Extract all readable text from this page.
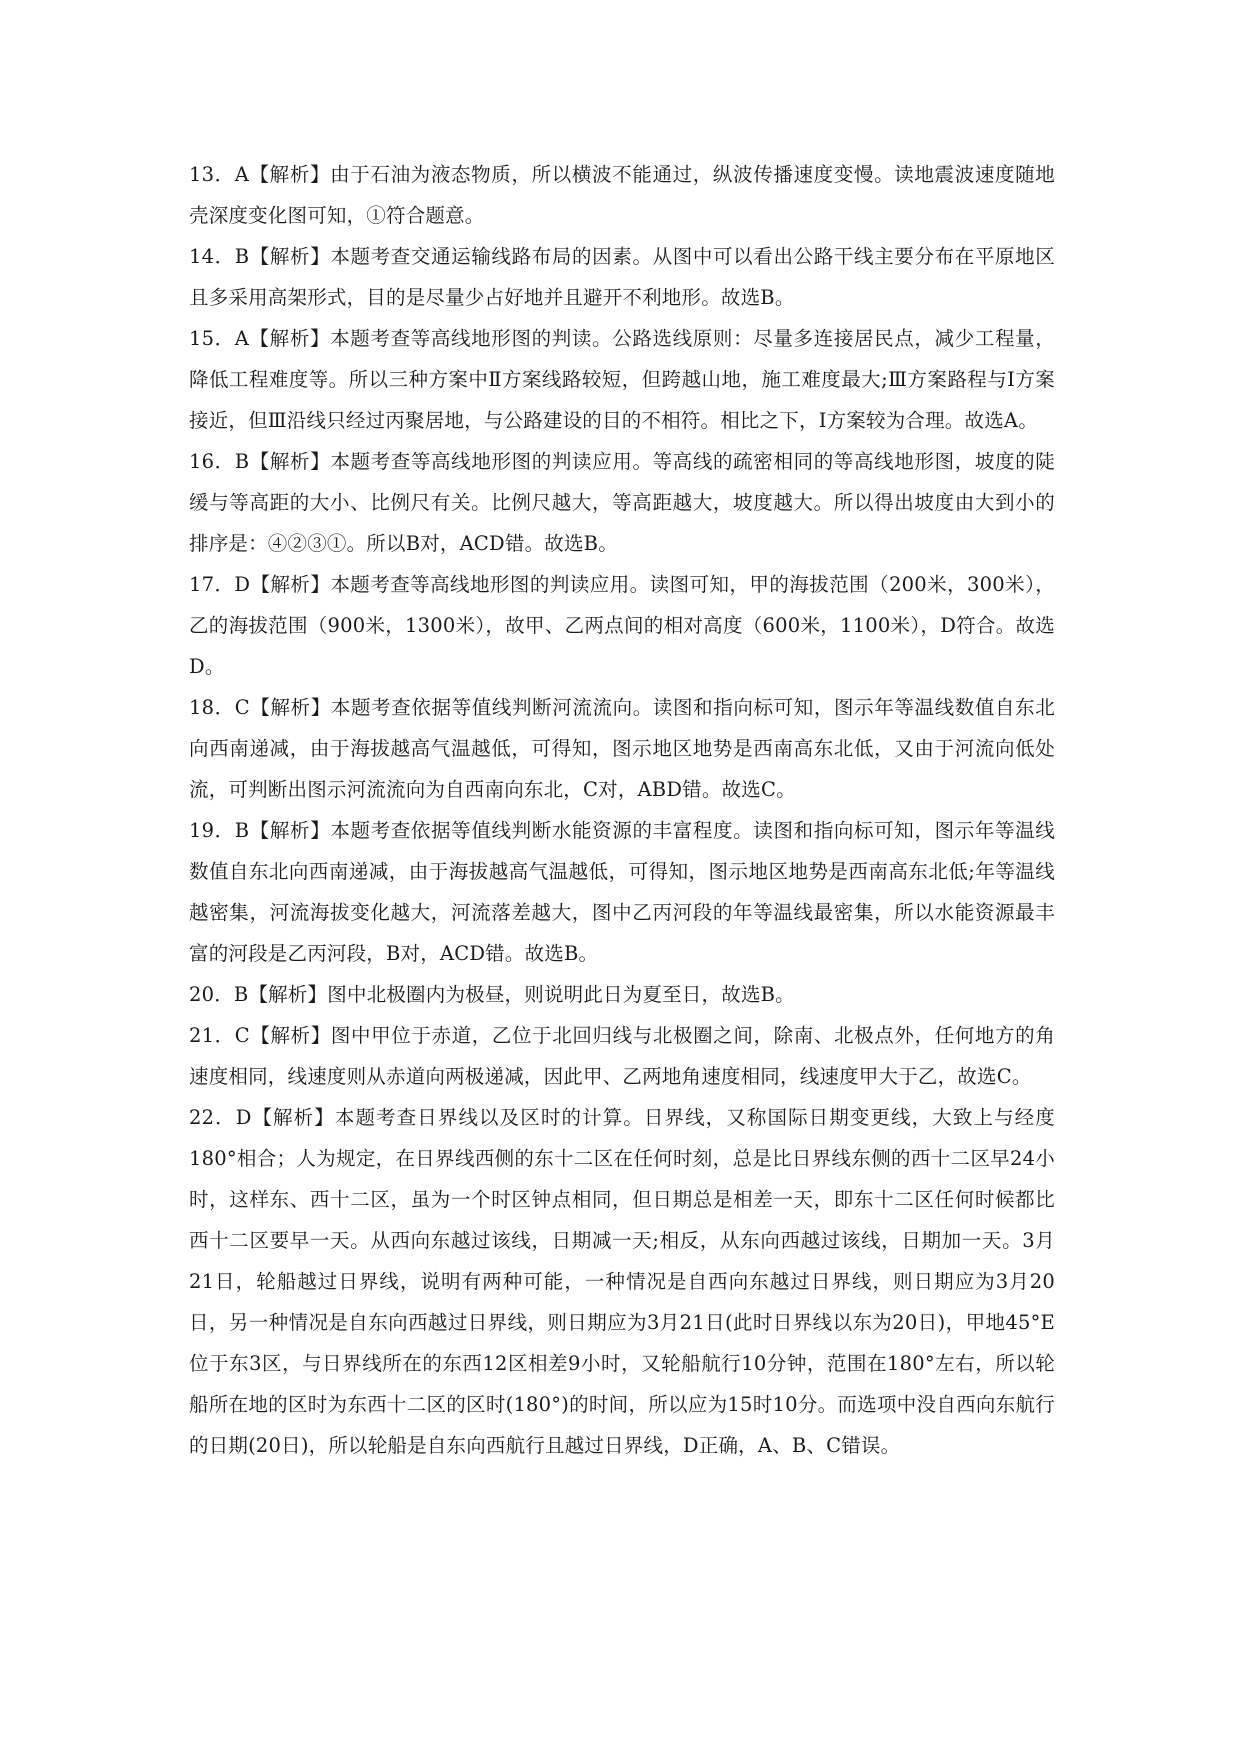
13．A【解析】由于石油为液态物质，所以横波不能通过，纵波传播速度变慢。读地震波速度随地壳深度变化图可知，①符合题意。

14．B【解析】本题考查交通运输线路布局的因素。从图中可以看出公路干线主要分布在平原地区且多采用高架形式，目的是尽量少占好地并且避开不利地形。故选B。

15．A【解析】本题考查等高线地形图的判读。公路选线原则：尽量多连接居民点，减少工程量，降低工程难度等。所以三种方案中Ⅱ方案线路较短，但跨越山地，施工难度最大;Ⅲ方案路程与Ⅰ方案接近，但Ⅲ沿线只经过丙聚居地，与公路建设的目的不相符。相比之下，Ⅰ方案较为合理。故选A。

16．B【解析】本题考查等高线地形图的判读应用。等高线的疏密相同的等高线地形图，坡度的陡缓与等高距的大小、比例尺有关。比例尺越大，等高距越大，坡度越大。所以得出坡度由大到小的排序是：④②③①。所以B对，ACD错。故选B。

17．D【解析】本题考查等高线地形图的判读应用。读图可知，甲的海拔范围（200米，300米），乙的海拔范围（900米，1300米），故甲、乙两点间的相对高度（600米，1100米），D符合。故选D。

18．C【解析】本题考查依据等值线判断河流流向。读图和指向标可知，图示年等温线数值自东北向西南递减，由于海拔越高气温越低，可得知，图示地区地势是西南高东北低，又由于河流向低处流，可判断出图示河流流向为自西南向东北，C对，ABD错。故选C。

19．B【解析】本题考查依据等值线判断水能资源的丰富程度。读图和指向标可知，图示年等温线数值自东北向西南递减，由于海拔越高气温越低，可得知，图示地区地势是西南高东北低;年等温线越密集，河流海拔变化越大，河流落差越大，图中乙丙河段的年等温线最密集，所以水能资源最丰富的河段是乙丙河段，B对，ACD错。故选B。

20．B【解析】图中北极圈内为极昼，则说明此日为夏至日，故选B。

21．C【解析】图中甲位于赤道，乙位于北回归线与北极圈之间，除南、北极点外，任何地方的角速度相同，线速度则从赤道向两极递减，因此甲、乙两地角速度相同，线速度甲大于乙，故选C。

22．D【解析】本题考查日界线以及区时的计算。日界线，又称国际日期变更线，大致上与经度180°相合；人为规定，在日界线西侧的东十二区在任何时刻，总是比日界线东侧的西十二区早24小时，这样东、西十二区，虽为一个时区钟点相同，但日期总是相差一天，即东十二区任何时候都比西十二区要早一天。从西向东越过该线，日期减一天;相反，从东向西越过该线，日期加一天。3月21日，轮船越过日界线，说明有两种可能，一种情况是自西向东越过日界线，则日期应为3月20日，另一种情况是自东向西越过日界线，则日期应为3月21日(此时日界线以东为20日)，甲地45°E位于东3区，与日界线所在的东西12区相差9小时，又轮船航行10分钟，范围在180°左右，所以轮船所在地的区时为东西十二区的区时(180°)的时间，所以应为15时10分。而选项中没自西向东航行的日期(20日)，所以轮船是自东向西航行且越过日界线，D正确，A、B、C错误。
